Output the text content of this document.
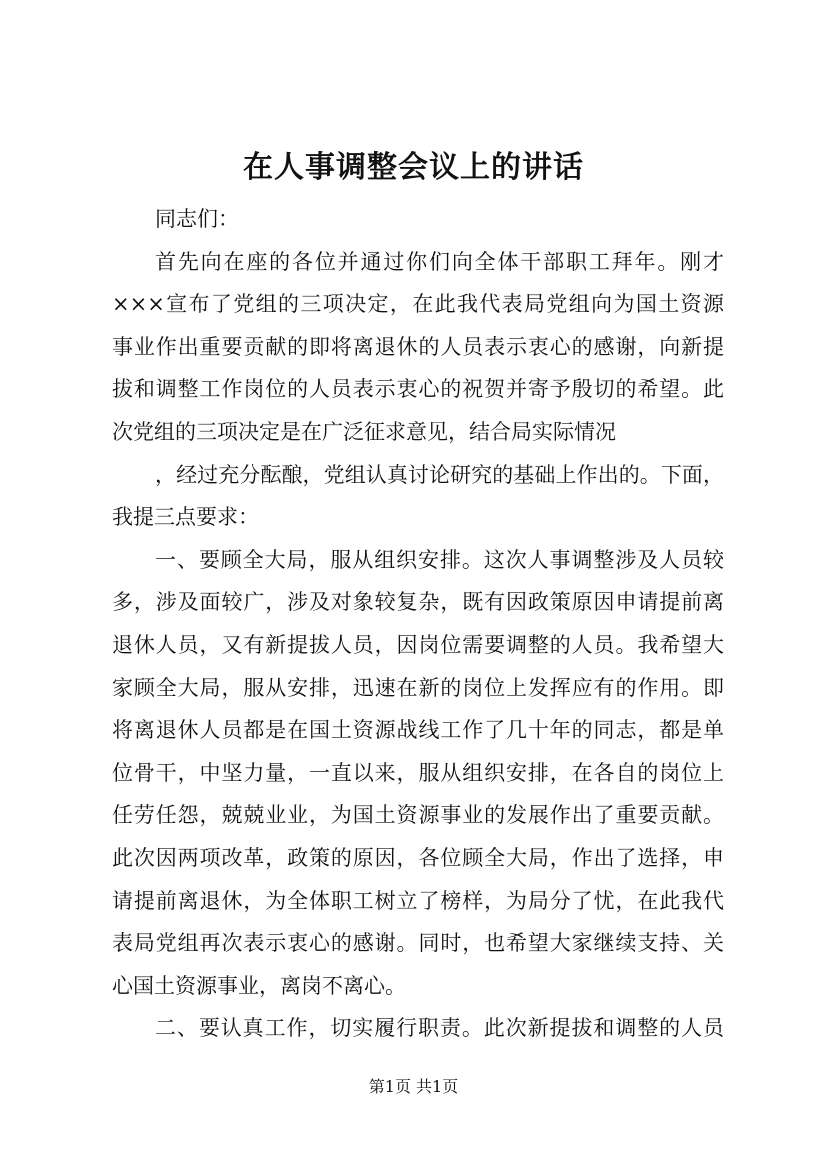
在人事调整会议上的讲话
同志们：
首先向在座的各位并通过你们向全体干部职工拜年。刚才
×××宣布了党组的三项决定，在此我代表局党组向为国土资源
事业作出重要贡献的即将离退休的人员表示衷心的感谢，向新提
拔和调整工作岗位的人员表示衷心的祝贺并寄予殷切的希望。此
次党组的三项决定是在广泛征求意见，结合局实际情况
，经过充分酝酿，党组认真讨论研究的基础上作出的。下面，
我提三点要求：
一、要顾全大局，服从组织安排。这次人事调整涉及人员较
多，涉及面较广，涉及对象较复杂，既有因政策原因申请提前离
退休人员，又有新提拔人员，因岗位需要调整的人员。我希望大
家顾全大局，服从安排，迅速在新的岗位上发挥应有的作用。即
将离退休人员都是在国土资源战线工作了几十年的同志，都是单
位骨干，中坚力量，一直以来，服从组织安排，在各自的岗位上
任劳任怨，兢兢业业，为国土资源事业的发展作出了重要贡献。
此次因两项改革，政策的原因，各位顾全大局，作出了选择，申
请提前离退休，为全体职工树立了榜样，为局分了忧，在此我代
表局党组再次表示衷心的感谢。同时，也希望大家继续支持、关
心国土资源事业，离岗不离心。
二、要认真工作，切实履行职责。此次新提拔和调整的人员
第1页 共1页
